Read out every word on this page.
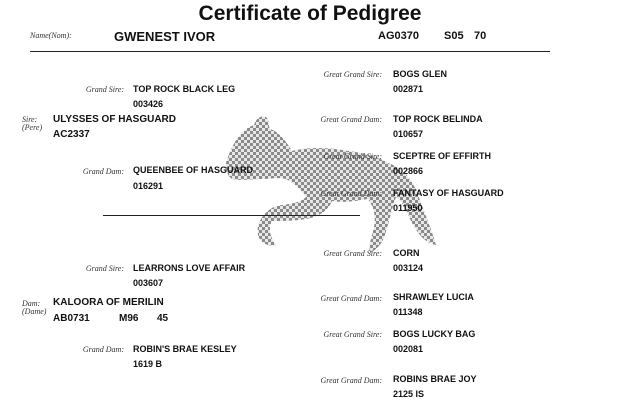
Certificate of Pedigree
Name(Nom):	GWENEST IVOR	AG0370 S05 70
Great Grand Sire: BOGS GLEN
002871
Grand Sire: TOP ROCK BLACK LEG
003426
Great Grand Dam: TOP ROCK BELINDA
010657
Sire:
(Pere)
ULYSSES OF HASGUARD
AC2337
Great Grand Sire: SCEPTRE OF EFFIRTH
002866
Grand Dam: QUEENBEE OF HASGUARD
016291
Great Grand Dam: FANTASY OF HASGUARD
011950
Great Grand Sire: CORN
003124
Grand Sire: LEARRONS LOVE AFFAIR
003607
Great Grand Dam: SHRAWLEY LUCIA
011348
Dam:
(Dame)
KALOORA OF MERILIN
AB0731	M96 45
Great Grand Sire: BOGS LUCKY BAG
002081
Grand Dam: ROBIN'S BRAE KESLEY
1619 B
Great Grand Dam: ROBINS BRAE JOY
2125 IS
